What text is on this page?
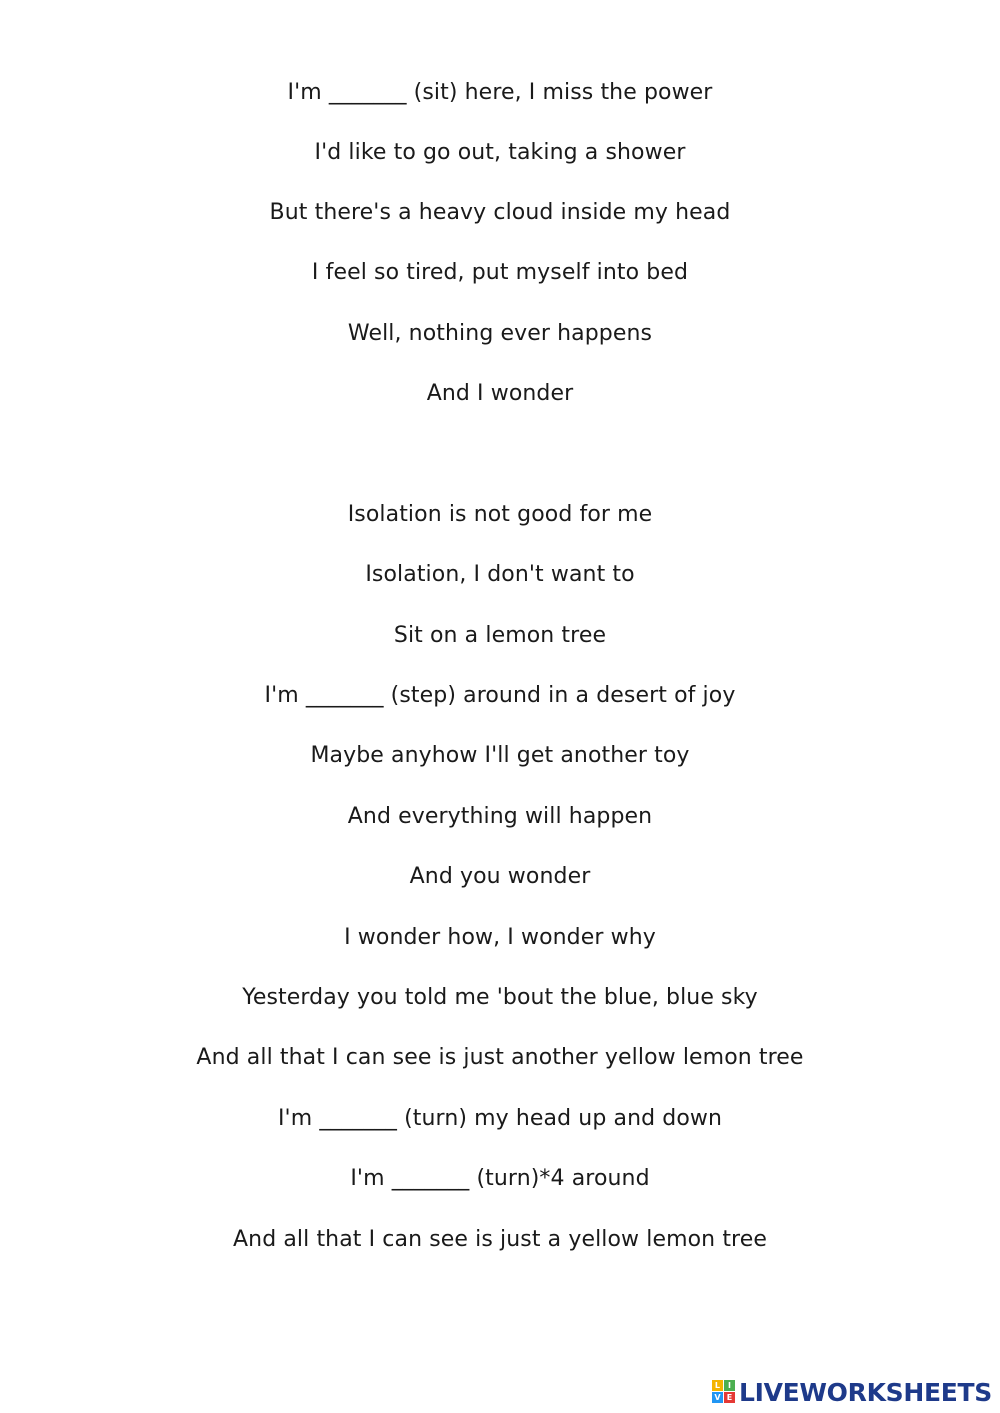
I'm _______ (sit) here, I miss the power
I'd like to go out, taking a shower
But there's a heavy cloud inside my head
I feel so tired, put myself into bed
Well, nothing ever happens
And I wonder
Isolation is not good for me
Isolation, I don't want to
Sit on a lemon tree
I'm _______ (step) around in a desert of joy
Maybe anyhow I'll get another toy
And everything will happen
And you wonder
I wonder how, I wonder why
Yesterday you told me 'bout the blue, blue sky
And all that I can see is just another yellow lemon tree
I'm _______ (turn) my head up and down
I'm _______ (turn)*4 around
And all that I can see is just a yellow lemon tree
L I
V E LIVEWORKSHEETS
